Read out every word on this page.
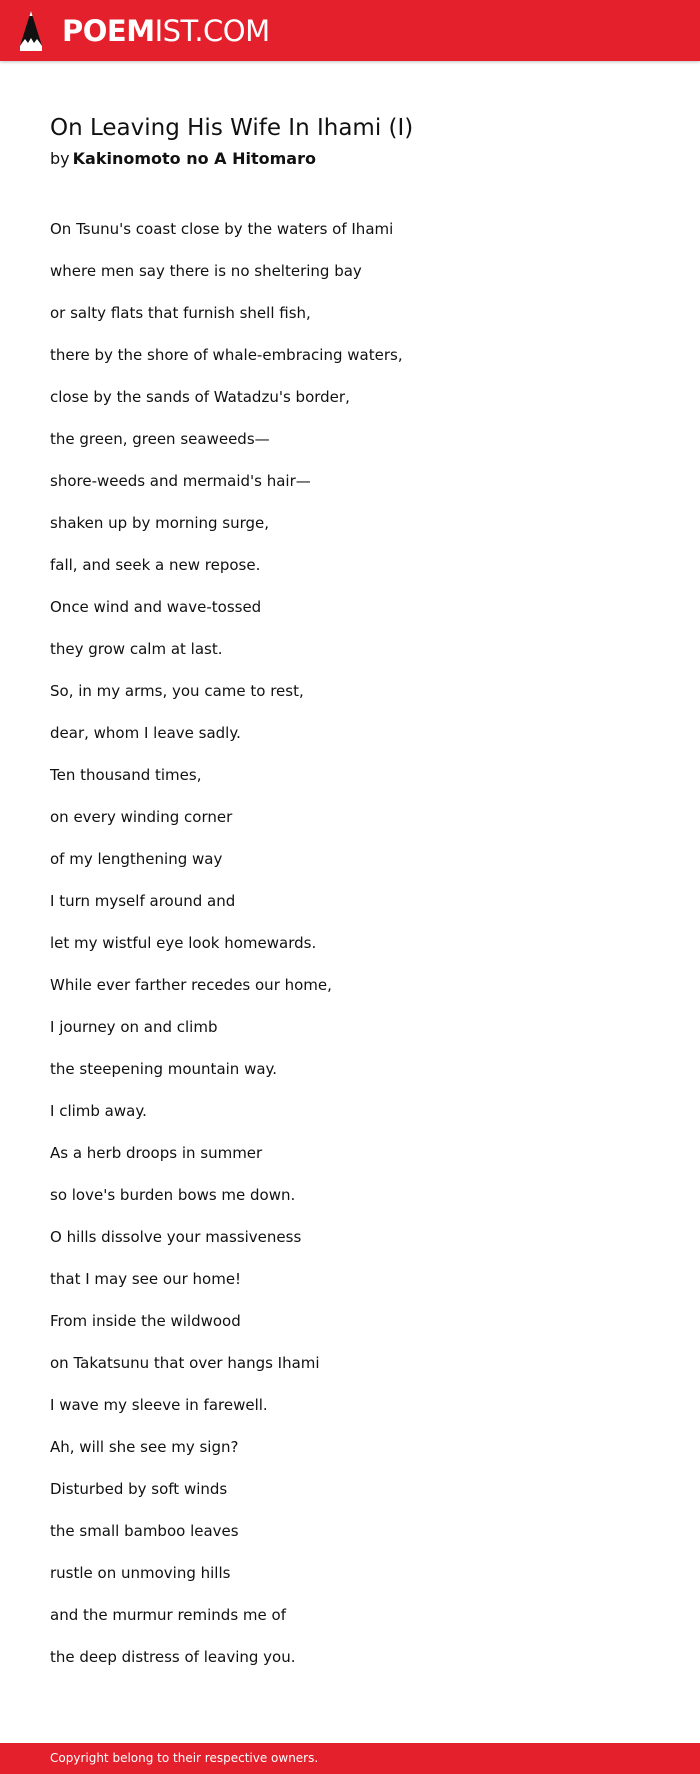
POEMIST.COM
On Leaving His Wife In Ihami (I)
by Kakinomoto no A Hitomaro
On Tsunu's coast close by the waters of Ihami
where men say there is no sheltering bay
or salty flats that furnish shell fish,
there by the shore of whale-embracing waters,
close by the sands of Watadzu's border,
the green, green seaweeds—
shore-weeds and mermaid's hair—
shaken up by morning surge,
fall, and seek a new repose.
Once wind and wave-tossed
they grow calm at last.
So, in my arms, you came to rest,
dear, whom I leave sadly.
Ten thousand times,
on every winding corner
of my lengthening way
I turn myself around and
let my wistful eye look homewards.
While ever farther recedes our home,
I journey on and climb
the steepening mountain way.
I climb away.
As a herb droops in summer
so love's burden bows me down.
O hills dissolve your massiveness
that I may see our home!
From inside the wildwood
on Takatsunu that over hangs Ihami
I wave my sleeve in farewell.
Ah, will she see my sign?
Disturbed by soft winds
the small bamboo leaves
rustle on unmoving hills
and the murmur reminds me of
the deep distress of leaving you.
Copyright belong to their respective owners.
